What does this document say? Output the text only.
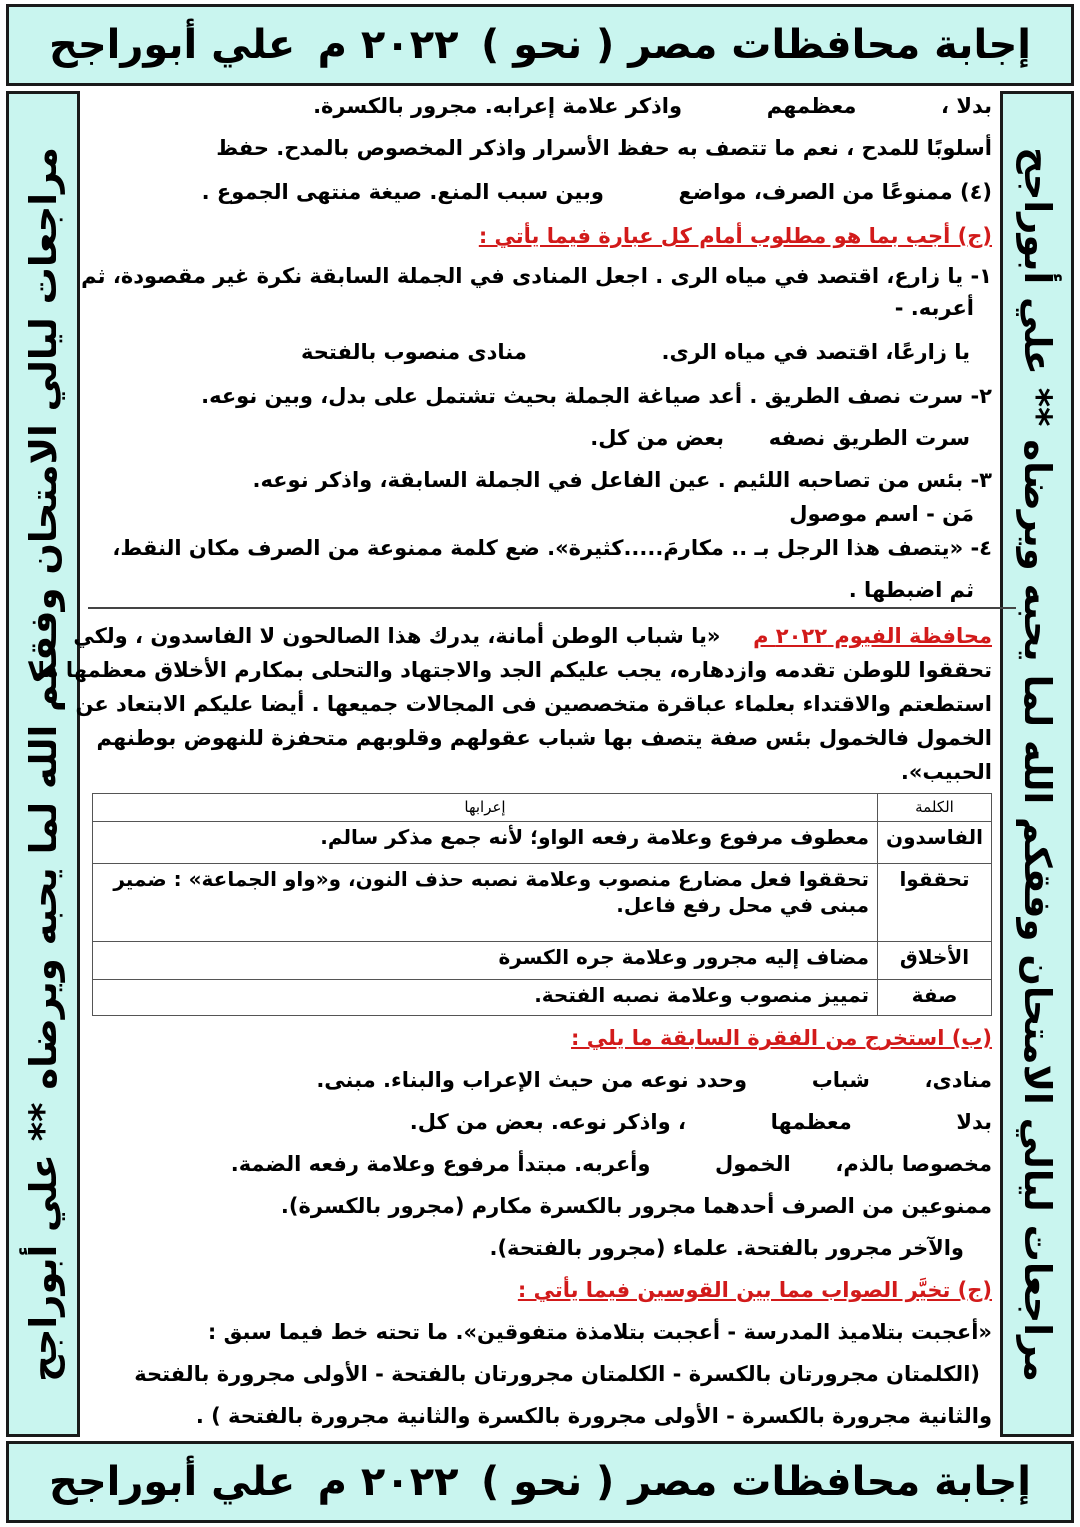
إجابة محافظات مصر ( نحو )
٢٠٢٢ م
علي أبوراجح
مراجعات ليالي الامتحان وفقكم الله لما يحبه ويرضاه ** علي أبوراجح
مراجعات ليالي الامتحان وفقكم الله لما يحبه ويرضاه ** علي أبوراجح
بدلا ،  معظمهم  واذكر علامة إعرابه. مجرور بالكسرة.
أسلوبًا للمدح ، نعم ما تتصف به حفظ الأسرار واذكر المخصوص بالمدح. حفظ
(٤) ممنوعًا من الصرف، مواضع  وبين سبب المنع. صيغة منتهى الجموع .
(ج) أجب بما هو مطلوب أمام كل عبارة فيما يأتي :
١- يا زارع، اقتصد في مياه الرى . اجعل المنادى في الجملة السابقة نكرة غير مقصودة، ثم
أعربه. -
يا زارعًا، اقتصد في مياه الرى.  منادى منصوب بالفتحة
٢- سرت نصف الطريق . أعد صياغة الجملة بحيث تشتمل على بدل، وبين نوعه.
سرت الطريق نصفه  بعض من كل.
٣- بئس من تصاحبه اللئيم . عين الفاعل في الجملة السابقة، واذكر نوعه.
مَن - اسم موصول
٤- «يتصف هذا الرجل بـ .. مكارمَ.....كثيرة». ضع كلمة ممنوعة من الصرف مكان النقط،
ثم اضبطها .
محافظة الفيوم ٢٠٢٢ م  «يا شباب الوطن أمانة، يدرك هذا الصالحون لا الفاسدون ، ولكي
تحققوا للوطن تقدمه وازدهاره، يجب عليكم الجد والاجتهاد والتحلى بمكارم الأخلاق معظمها ما
استطعتم والاقتداء بعلماء عباقرة متخصصين فى المجالات جميعها . أيضا عليكم الابتعاد عن
الخمول فالخمول بئس صفة يتصف بها شباب عقولهم وقلوبهم متحفزة للنهوض بوطنهم
الحبيب».
الكلمة	إعرابها
الفاسدون	معطوف مرفوع وعلامة رفعه الواو؛ لأنه جمع مذكر سالم.
تحققوا	تحققوا فعل مضارع منصوب وعلامة نصبه حذف النون، و«واو الجماعة» : ضمير مبنى في محل رفع فاعل.
الأخلاق	مضاف إليه مجرور وعلامة جره الكسرة
صفة	تمييز منصوب وعلامة نصبه الفتحة.
(ب) استخرج من الفقرة السابقة ما يلي :
منادى،  شباب  وحدد نوعه من حيث الإعراب والبناء. مبنى.
بدلا  معظمها  ، واذكر نوعه. بعض من كل.
مخصوصا بالذم،  الخمول  وأعربه. مبتدأ مرفوع وعلامة رفعه الضمة.
ممنوعين من الصرف أحدهما مجرور بالكسرة مكارم (مجرور بالكسرة).
والآخر مجرور بالفتحة. علماء (مجرور بالفتحة).
(ج) تخيَّر الصواب مما بين القوسين فيما يأتي :
«أعجبت بتلاميذ المدرسة - أعجبت بتلامذة متفوقين». ما تحته خط فيما سبق :
(الكلمتان مجرورتان بالكسرة - الكلمتان مجرورتان بالفتحة - الأولى مجرورة بالفتحة
والثانية مجرورة بالكسرة - الأولى مجرورة بالكسرة والثانية مجرورة بالفتحة ) .
إجابة محافظات مصر ( نحو )
٢٠٢٢ م
علي أبوراجح
